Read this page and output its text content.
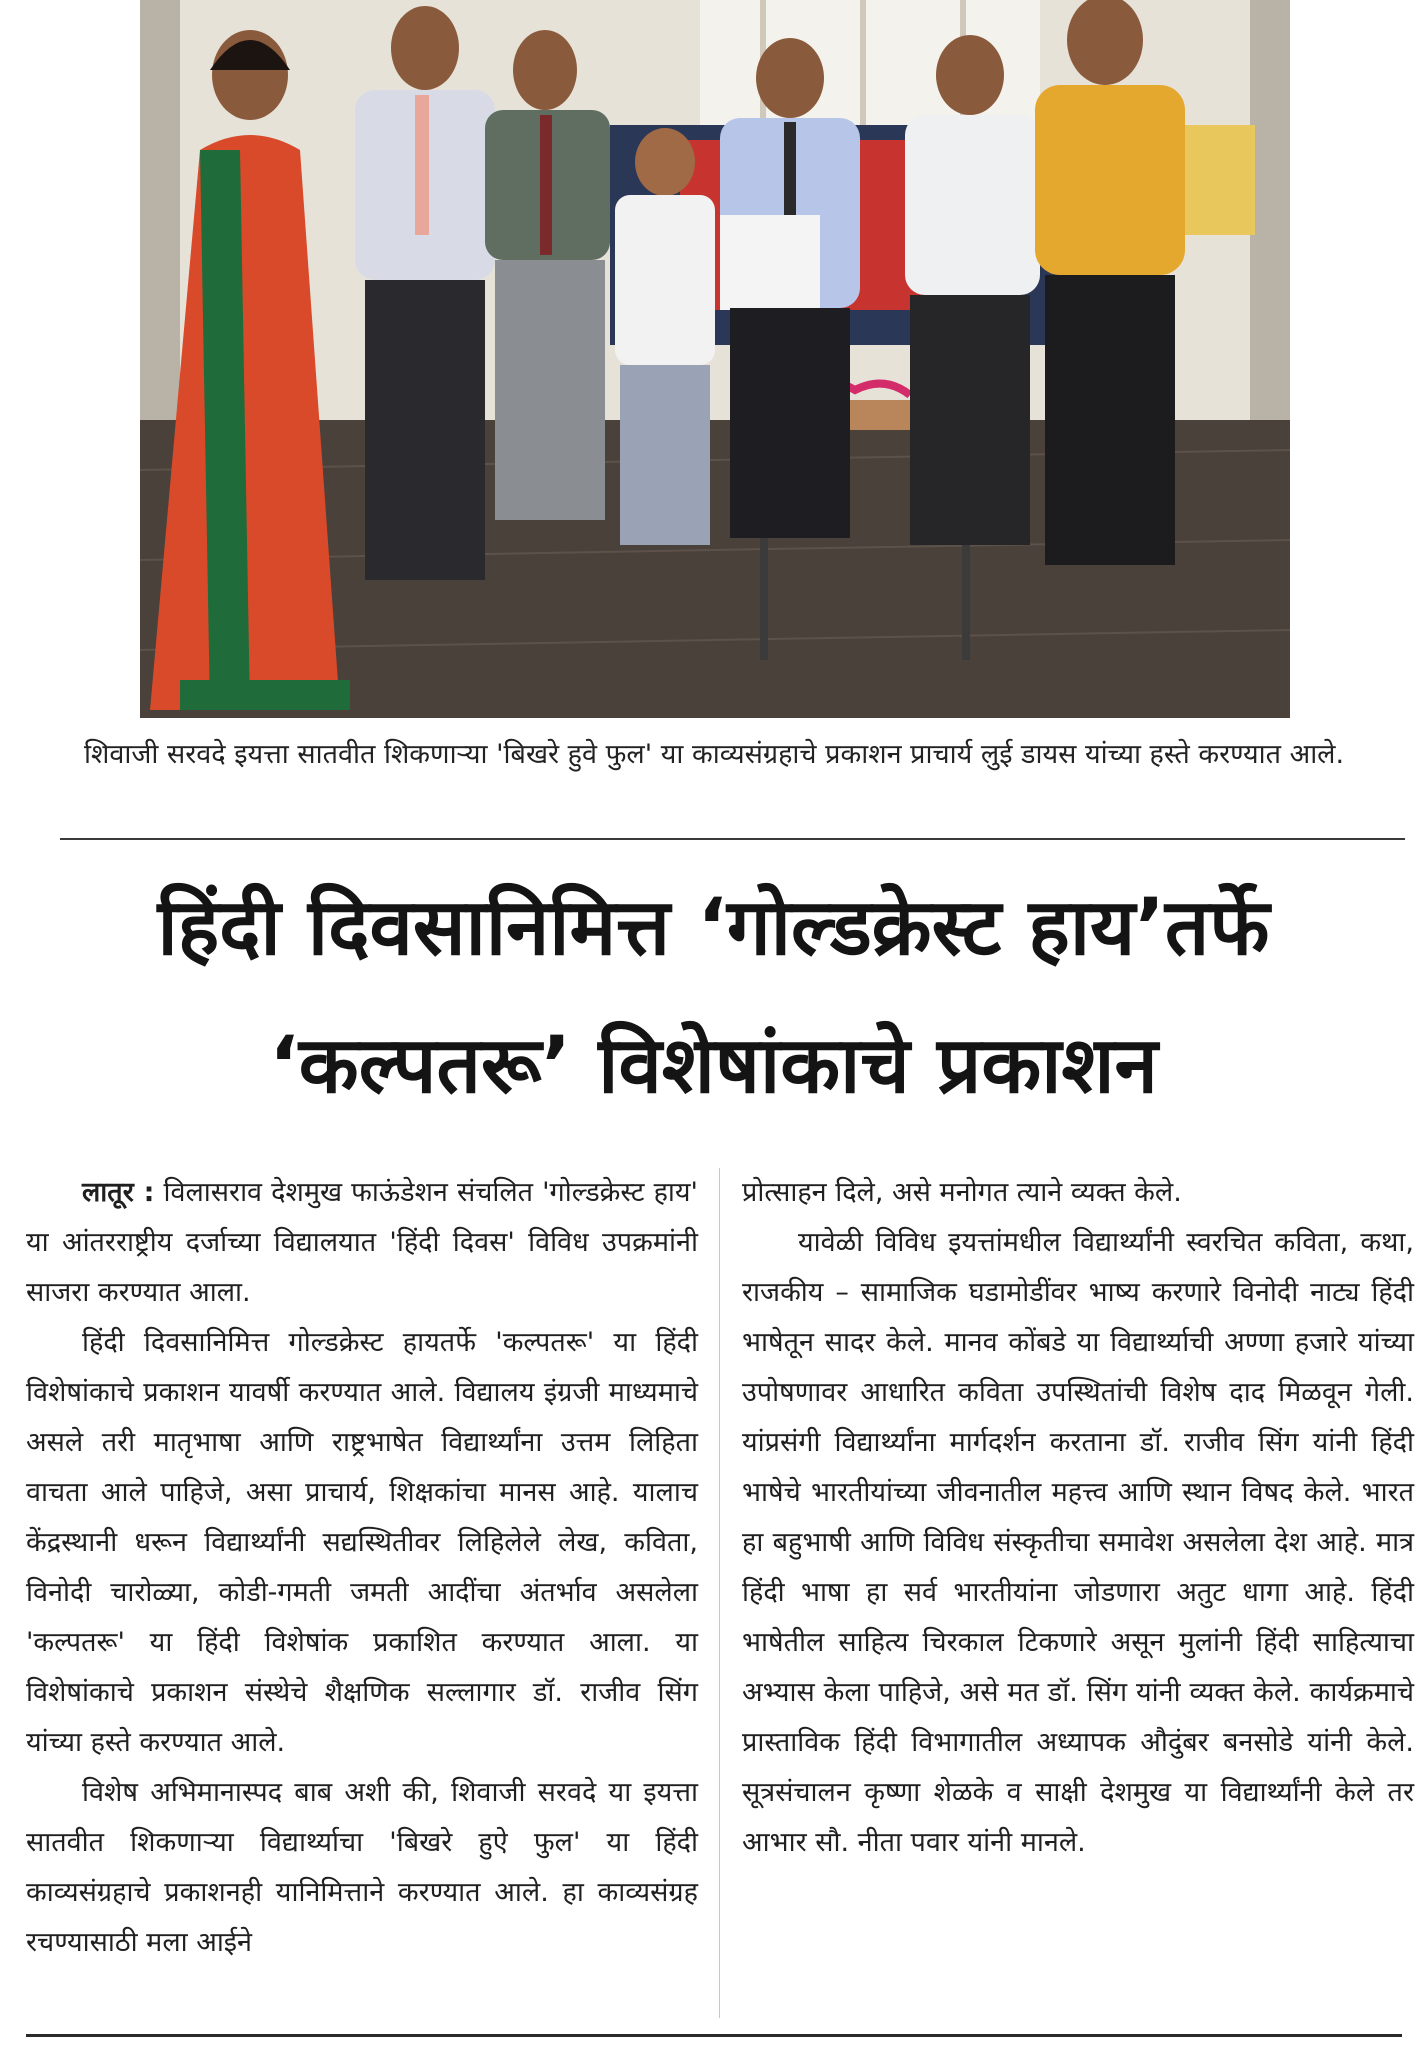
शिवाजी सरवदे इयत्ता सातवीत शिकणाऱ्या 'बिखरे हुवे फुल' या काव्यसंग्रहाचे प्रकाशन प्राचार्य लुई डायस यांच्या हस्ते करण्यात आले.
हिंदी दिवसानिमित्त ‘गोल्डक्रेस्ट हाय’तर्फे
‘कल्पतरू’ विशेषांकाचे प्रकाशन

लातूर : विलासराव देशमुख फाऊंडेशन संचलित 'गोल्डक्रेस्ट हाय' या आंतरराष्ट्रीय दर्जाच्या विद्यालयात 'हिंदी दिवस' विविध उपक्रमांनी साजरा करण्यात आला.

हिंदी दिवसानिमित्त गोल्डक्रेस्ट हायतर्फे 'कल्पतरू' या हिंदी विशेषांकाचे प्रकाशन यावर्षी करण्यात आले. विद्यालय इंग्रजी माध्यमाचे असले तरी मातृभाषा आणि राष्ट्रभाषेत विद्यार्थ्यांना उत्तम लिहिता वाचता आले पाहिजे, असा प्राचार्य, शिक्षकांचा मानस आहे. यालाच केंद्रस्थानी धरून विद्यार्थ्यांनी सद्यस्थितीवर लिहिलेले लेख, कविता, विनोदी चारोळ्या, कोडी-गमती जमती आदींचा अंतर्भाव असलेला 'कल्पतरू' या हिंदी विशेषांक प्रकाशित करण्यात आला. या विशेषांकाचे प्रकाशन संस्थेचे शैक्षणिक सल्लागार डॉ. राजीव सिंग यांच्या हस्ते करण्यात आले.

विशेष अभिमानास्पद बाब अशी की, शिवाजी सरवदे या इयत्ता सातवीत शिकणाऱ्या विद्यार्थ्याचा 'बिखरे हुऐ फुल' या हिंदी काव्यसंग्रहाचे प्रकाशनही यानिमित्ताने करण्यात आले. हा काव्यसंग्रह रचण्यासाठी मला आईने

प्रोत्साहन दिले, असे मनोगत त्याने व्यक्त केले.

यावेळी विविध इयत्तांमधील विद्यार्थ्यांनी स्वरचित कविता, कथा, राजकीय – सामाजिक घडामोडींवर भाष्य करणारे विनोदी नाट्य हिंदी भाषेतून सादर केले. मानव कोंबडे या विद्यार्थ्याची अण्णा हजारे यांच्या उपोषणावर आधारित कविता उपस्थितांची विशेष दाद मिळवून गेली. यांप्रसंगी विद्यार्थ्यांना मार्गदर्शन करताना डॉ. राजीव सिंग यांनी हिंदी भाषेचे भारतीयांच्या जीवनातील महत्त्व आणि स्थान विषद केले. भारत हा बहुभाषी आणि विविध संस्कृतीचा समावेश असलेला देश आहे. मात्र हिंदी भाषा हा सर्व भारतीयांना जोडणारा अतुट धागा आहे. हिंदी भाषेतील साहित्य चिरकाल टिकणारे असून मुलांनी हिंदी साहित्याचा अभ्यास केला पाहिजे, असे मत डॉ. सिंग यांनी व्यक्त केले. कार्यक्रमाचे प्रास्ताविक हिंदी विभागातील अध्यापक औदुंबर बनसोडे यांनी केले. सूत्रसंचालन कृष्णा शेळके व साक्षी देशमुख या विद्यार्थ्यांनी केले तर आभार सौ. नीता पवार यांनी मानले.
